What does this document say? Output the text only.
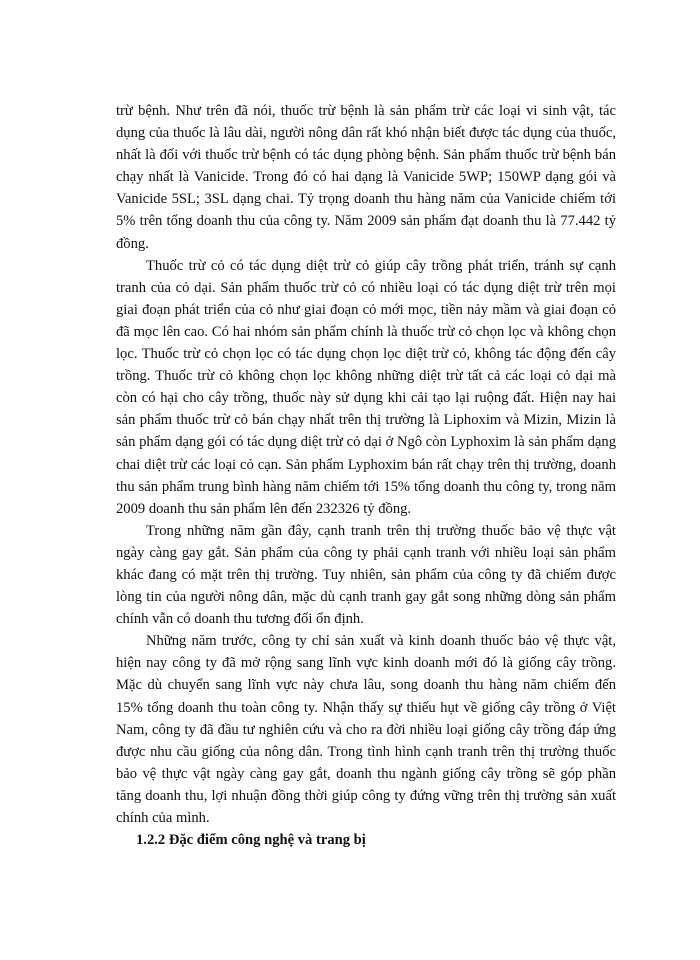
trừ bệnh. Như trên đã nói, thuốc trừ bệnh là sản phẩm trừ các loại vi sinh vật, tác dụng của thuốc là lâu dài, người nông dân rất khó nhận biết được tác dụng của thuốc, nhất là đối với thuốc trừ bệnh có tác dụng phòng bệnh. Sản phẩm thuốc trừ bệnh bán chạy nhất là Vanicide. Trong đó có hai dạng là Vanicide 5WP; 150WP dạng gói và Vanicide 5SL; 3SL dạng chai. Tỷ trọng doanh thu hàng năm của Vanicide chiếm tới 5% trên tổng doanh thu của công ty. Năm 2009 sản phẩm đạt doanh thu là 77.442 tỷ đồng.

Thuốc trừ cỏ có tác dụng diệt trừ cỏ giúp cây trồng phát triển, tránh sự cạnh tranh của cỏ dại. Sản phẩm thuốc trừ cỏ có nhiều loại có tác dụng diệt trừ trên mọi giai đoạn phát triển của cỏ như giai đoạn cỏ mới mọc, tiền nảy mầm và giai đoạn cỏ đã mọc lên cao. Có hai nhóm sản phẩm chính là thuốc trừ cỏ chọn lọc và không chọn lọc. Thuốc trừ cỏ chọn lọc có tác dụng chọn lọc diệt trừ cỏ, không tác động đến cây trồng. Thuốc trừ cỏ không chọn lọc không những diệt trừ tất cả các loại cỏ dại mà còn có hại cho cây trồng, thuốc này sử dụng khi cải tạo lại ruộng đất. Hiện nay hai sản phẩm thuốc trừ cỏ bán chạy nhất trên thị trường là Liphoxim và Mizin, Mizin là sản phẩm dạng gói có tác dụng diệt trừ cỏ dại ở Ngô còn Lyphoxim là sản phẩm dạng chai diệt trừ các loại cỏ cạn. Sản phẩm Lyphoxim bán rất chạy trên thị trường, doanh thu sản phẩm trung bình hàng năm chiếm tới 15% tổng doanh thu công ty, trong năm 2009 doanh thu sản phẩm lên đến 232326 tỷ đồng.

Trong những năm gần đây, cạnh tranh trên thị trường thuốc bảo vệ thực vật ngày càng gay gắt. Sản phẩm của công ty phải cạnh tranh với nhiều loại sản phẩm khác đang có mặt trên thị trường. Tuy nhiên, sản phẩm của công ty đã chiếm được lòng tin của người nông dân, mặc dù cạnh tranh gay gắt song những dòng sản phẩm chính vẫn có doanh thu tương đối ổn định.

Những năm trước, công ty chỉ sản xuất và kinh doanh thuốc bảo vệ thực vật, hiện nay công ty đã mở rộng sang lĩnh vực kinh doanh mới đó là giống cây trồng. Mặc dù chuyển sang lĩnh vực này chưa lâu, song doanh thu hàng năm chiếm đến 15% tổng doanh thu toàn công ty. Nhận thấy sự thiếu hụt về giống cây trồng ở Việt Nam, công ty đã đầu tư nghiên cứu và cho ra đời nhiều loại giống cây trồng đáp ứng được nhu cầu giống của nông dân. Trong tình hình cạnh tranh trên thị trường thuốc bảo vệ thực vật ngày càng gay gắt, doanh thu ngành giống cây trồng sẽ góp phần tăng doanh thu, lợi nhuận đồng thời giúp công ty đứng vững trên thị trường sản xuất chính của mình.

1.2.2 Đặc điểm công nghệ và trang bị
